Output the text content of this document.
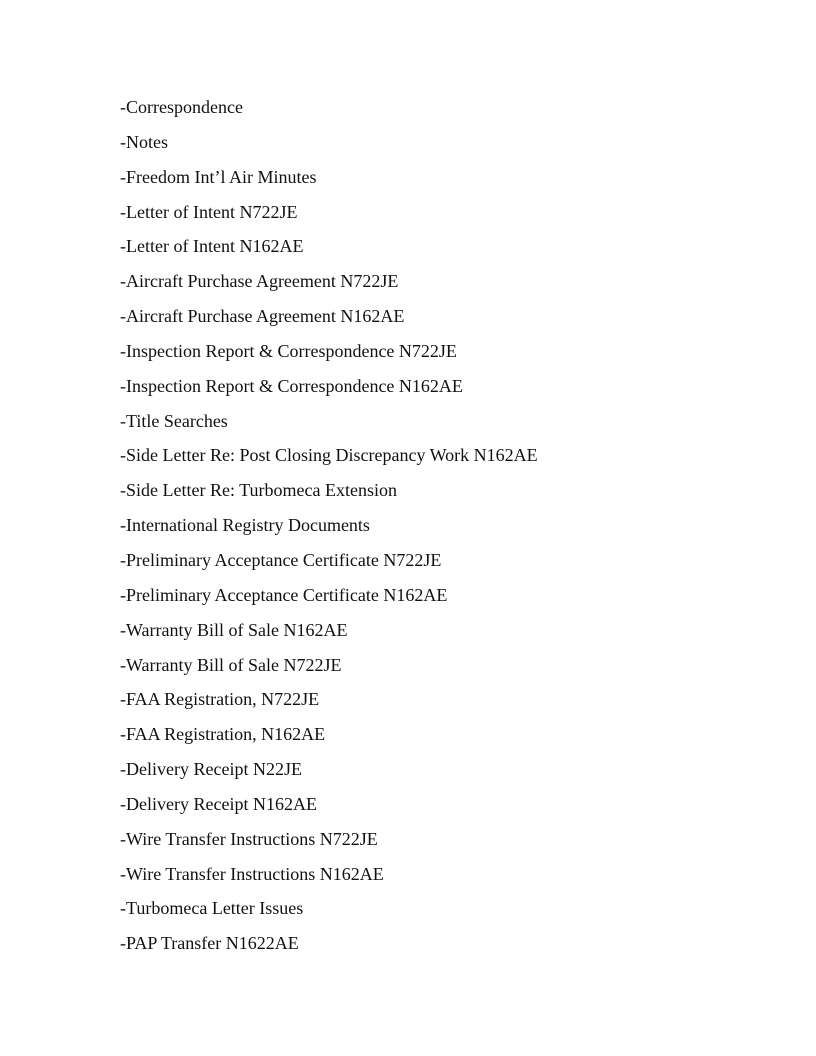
-Correspondence
-Notes
-Freedom Int’l Air Minutes
-Letter of Intent N722JE
-Letter of Intent N162AE
-Aircraft Purchase Agreement N722JE
-Aircraft Purchase Agreement N162AE
-Inspection Report & Correspondence N722JE
-Inspection Report & Correspondence N162AE
-Title Searches
-Side Letter Re: Post Closing Discrepancy Work N162AE
-Side Letter Re: Turbomeca Extension
-International Registry Documents
-Preliminary Acceptance Certificate N722JE
-Preliminary Acceptance Certificate N162AE
-Warranty Bill of Sale N162AE
-Warranty Bill of Sale N722JE
-FAA Registration, N722JE
-FAA Registration, N162AE
-Delivery Receipt N22JE
-Delivery Receipt N162AE
-Wire Transfer Instructions N722JE
-Wire Transfer Instructions N162AE
-Turbomeca Letter Issues
-PAP Transfer N1622AE
